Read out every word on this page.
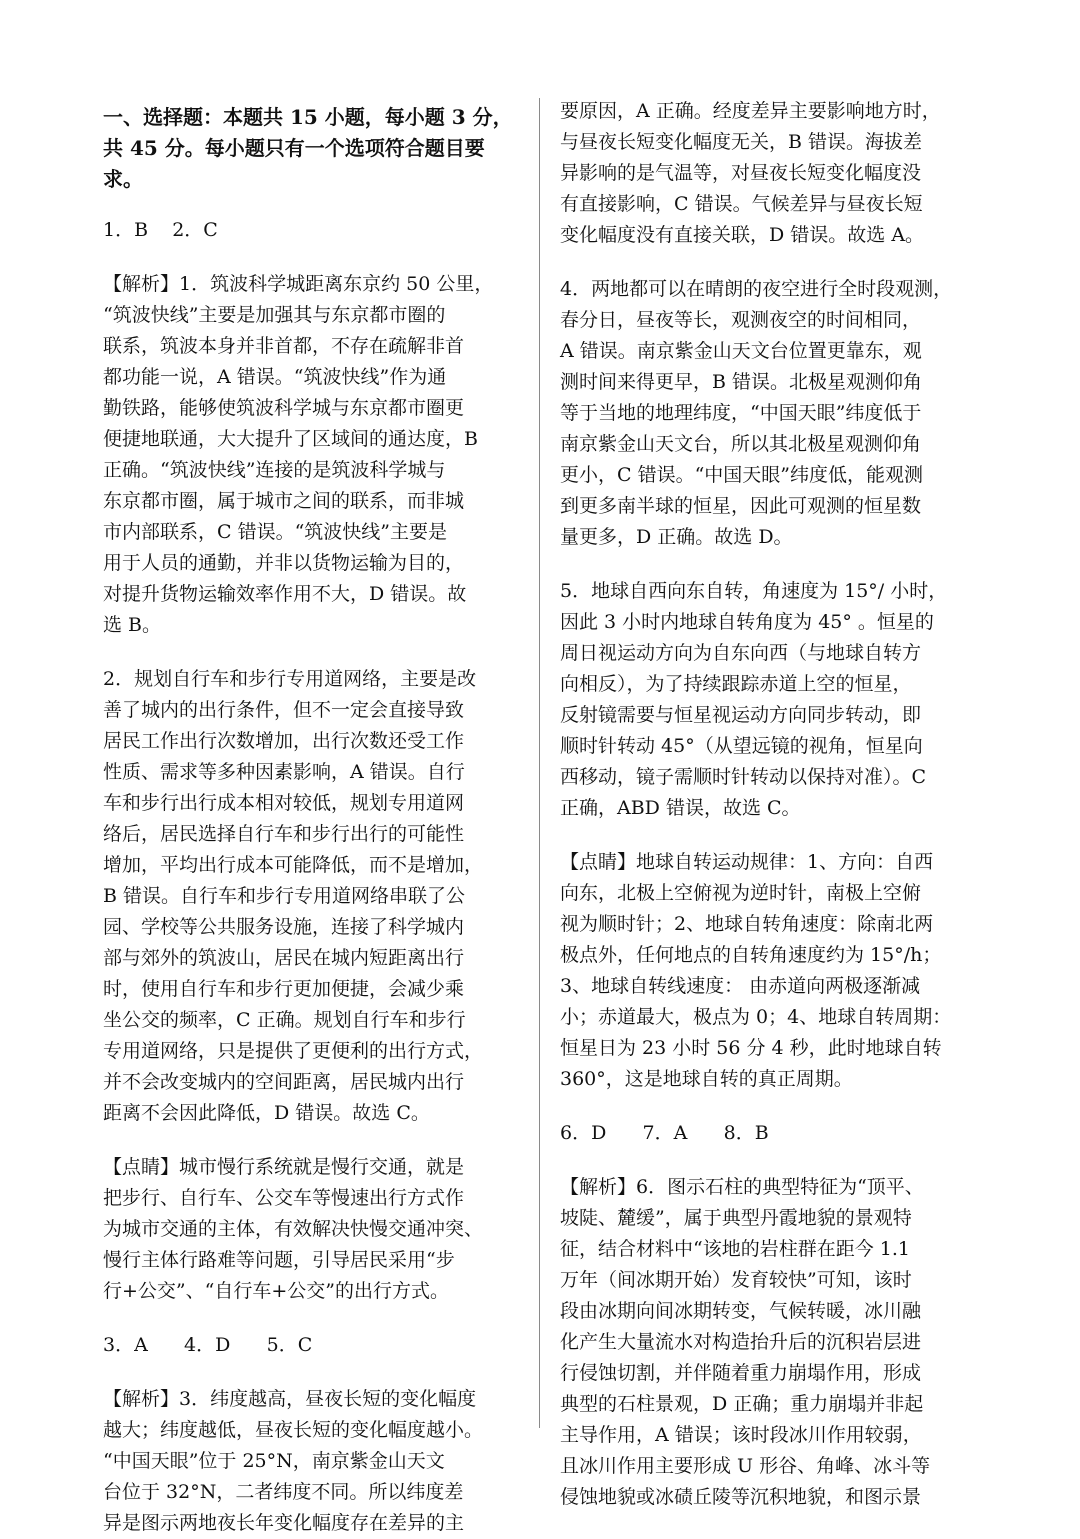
一、选择题：本题共 15 小题，每小题 3 分，
共 45 分。每小题只有一个选项符合题目要求。
1．B    2．C
【解析】1．筑波科学城距离东京约 50 公里，
“筑波快线”主要是加强其与东京都市圈的
联系，筑波本身并非首都，不存在疏解非首
都功能一说，A 错误。“筑波快线”作为通
勤铁路，能够使筑波科学城与东京都市圈更
便捷地联通，大大提升了区域间的通达度，B
正确。“筑波快线”连接的是筑波科学城与
东京都市圈，属于城市之间的联系，而非城
市内部联系，C 错误。“筑波快线”主要是
用于人员的通勤，并非以货物运输为目的，
对提升货物运输效率作用不大，D 错误。故
选 B。
2．规划自行车和步行专用道网络，主要是改
善了城内的出行条件，但不一定会直接导致
居民工作出行次数增加，出行次数还受工作
性质、需求等多种因素影响，A 错误。自行
车和步行出行成本相对较低，规划专用道网
络后，居民选择自行车和步行出行的可能性
增加，平均出行成本可能降低，而不是增加，
B 错误。自行车和步行专用道网络串联了公
园、学校等公共服务设施，连接了科学城内
部与郊外的筑波山，居民在城内短距离出行
时，使用自行车和步行更加便捷，会减少乘
坐公交的频率，C 正确。规划自行车和步行
专用道网络，只是提供了更便利的出行方式，
并不会改变城内的空间距离，居民城内出行
距离不会因此降低，D 错误。故选 C。
【点睛】城市慢行系统就是慢行交通，就是
把步行、自行车、公交车等慢速出行方式作
为城市交通的主体，有效解决快慢交通冲突、
慢行主体行路难等问题，引导居民采用“步
行+公交”、“自行车+公交”的出行方式。
3．A      4．D      5．C
【解析】3．纬度越高，昼夜长短的变化幅度
越大；纬度越低，昼夜长短的变化幅度越小。
“中国天眼”位于 25°N，南京紫金山天文
台位于 32°N，二者纬度不同。所以纬度差
异是图示两地夜长年变化幅度存在差异的主
要原因，A 正确。经度差异主要影响地方时，
与昼夜长短变化幅度无关，B 错误。海拔差
异影响的是气温等，对昼夜长短变化幅度没
有直接影响，C 错误。气候差异与昼夜长短
变化幅度没有直接关联，D 错误。故选 A。
4．两地都可以在晴朗的夜空进行全时段观测，
春分日，昼夜等长，观测夜空的时间相同，
A 错误。南京紫金山天文台位置更靠东，观
测时间来得更早，B 错误。北极星观测仰角
等于当地的地理纬度，“中国天眼”纬度低于
南京紫金山天文台，所以其北极星观测仰角
更小，C 错误。“中国天眼”纬度低，能观测
到更多南半球的恒星，因此可观测的恒星数
量更多，D 正确。故选 D。
5．地球自西向东自转，角速度为 15°/ 小时，
因此 3 小时内地球自转角度为 45° 。恒星的
周日视运动方向为自东向西（与地球自转方
向相反），为了持续跟踪赤道上空的恒星，
反射镜需要与恒星视运动方向同步转动，即
顺时针转动 45°（从望远镜的视角，恒星向
西移动，镜子需顺时针转动以保持对准）。C
正确，ABD 错误，故选 C。
【点睛】地球自转运动规律：1、方向：自西
向东，北极上空俯视为逆时针，南极上空俯
视为顺时针；2、地球自转角速度：除南北两
极点外，任何地点的自转角速度约为 15°/h；
3、地球自转线速度： 由赤道向两极逐渐减
小；赤道最大，极点为 0；4、地球自转周期：
恒星日为 23 小时 56 分 4 秒，此时地球自转
360°，这是地球自转的真正周期。
6．D      7．A      8．B
【解析】6．图示石柱的典型特征为“顶平、
坡陡、麓缓”，属于典型丹霞地貌的景观特
征，结合材料中“该地的岩柱群在距今 1.1
万年（间冰期开始）发育较快”可知，该时
段由冰期向间冰期转变，气候转暖，冰川融
化产生大量流水对构造抬升后的沉积岩层进
行侵蚀切割，并伴随着重力崩塌作用，形成
典型的石柱景观，D 正确；重力崩塌并非起
主导作用，A 错误；该时段冰川作用较弱，
且冰川作用主要形成 U 形谷、角峰、冰斗等
侵蚀地貌或冰碛丘陵等沉积地貌，和图示景
